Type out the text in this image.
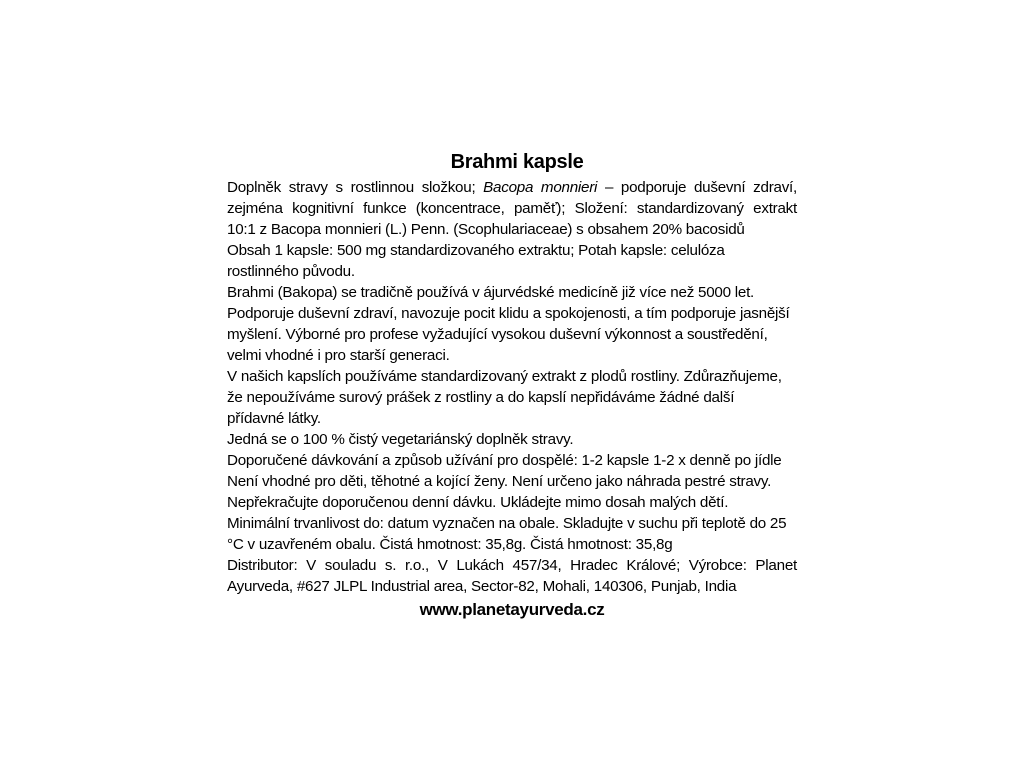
Brahmi kapsle
Doplněk stravy s rostlinnou složkou; Bacopa monnieri – podporuje duševní zdraví,
zejména kognitivní funkce (koncentrace, paměť); Složení: standardizovaný extrakt
10:1 z Bacopa monnieri (L.) Penn. (Scophulariaceae) s obsahem 20% bacosidů
Obsah 1 kapsle: 500 mg standardizovaného extraktu; Potah kapsle: celulóza
rostlinného původu.
Brahmi (Bakopa) se tradičně používá v ájurvédské medicíně již více než 5000 let.
Podporuje duševní zdraví, navozuje pocit klidu a spokojenosti, a tím podporuje jasnější
myšlení. Výborné pro profese vyžadující vysokou duševní výkonnost a soustředění,
velmi vhodné i pro starší generaci.
V našich kapslích používáme standardizovaný extrakt z plodů rostliny. Zdůrazňujeme,
že nepoužíváme surový prášek z rostliny a do kapslí nepřidáváme žádné další
přídavné látky.
Jedná se o 100 % čistý vegetariánský doplněk stravy.
Doporučené dávkování a způsob užívání pro dospělé: 1-2 kapsle 1-2 x denně po jídle
Není vhodné pro děti, těhotné a kojící ženy. Není určeno jako náhrada pestré stravy.
Nepřekračujte doporučenou denní dávku. Ukládejte mimo dosah malých dětí.
Minimální trvanlivost do: datum vyznačen na obale. Skladujte v suchu při teplotě do 25
°C v uzavřeném obalu. Čistá hmotnost: 35,8g. Čistá hmotnost: 35,8g
Distributor: V souladu s. r.o., V Lukách 457/34, Hradec Králové; Výrobce: Planet
Ayurveda, #627 JLPL Industrial area, Sector-82, Mohali, 140306, Punjab, India
www.planetayurveda.cz
